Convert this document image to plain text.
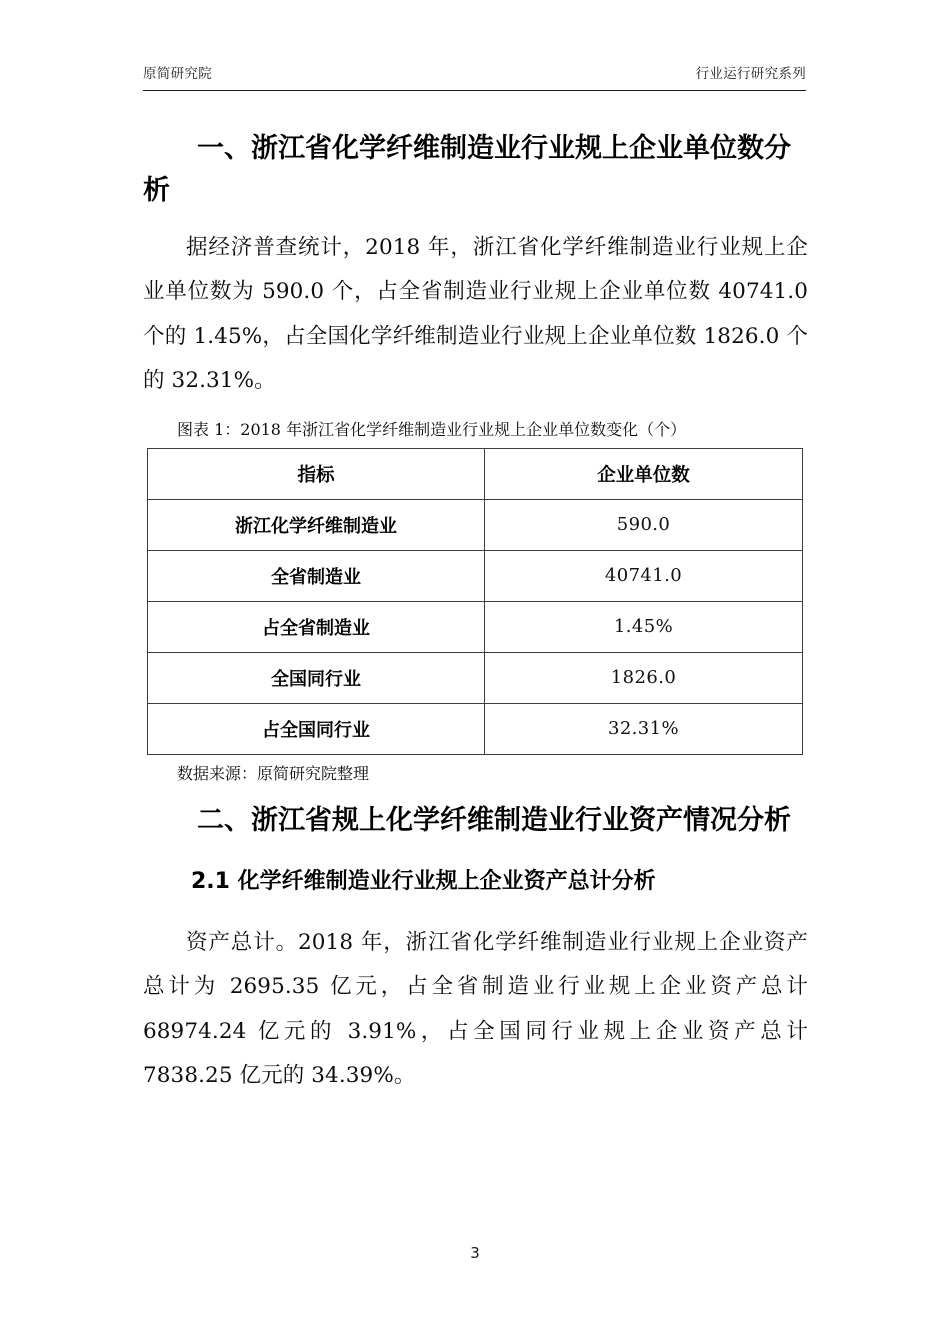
原简研究院	行业运行研究系列
一、浙江省化学纤维制造业行业规上企业单位数分析

据经济普查统计，2018 年，浙江省化学纤维制造业行业规上企业单位数为 590.0 个，占全省制造业行业规上企业单位数 40741.0 个的 1.45%，占全国化学纤维制造业行业规上企业单位数 1826.0 个的 32.31%。

图表 1：2018 年浙江省化学纤维制造业行业规上企业单位数变化（个）
指标	企业单位数
浙江化学纤维制造业	590.0
全省制造业	40741.0
占全省制造业	1.45%
全国同行业	1826.0
占全国同行业	32.31%
数据来源：原简研究院整理
二、浙江省规上化学纤维制造业行业资产情况分析
2.1 化学纤维制造业行业规上企业资产总计分析

资产总计。2018 年，浙江省化学纤维制造业行业规上企业资产总计为 2695.35 亿元，占全省制造业行业规上企业资产总计 68974.24 亿元的 3.91%，占全国同行业规上企业资产总计 7838.25 亿元的 34.39%。

3
